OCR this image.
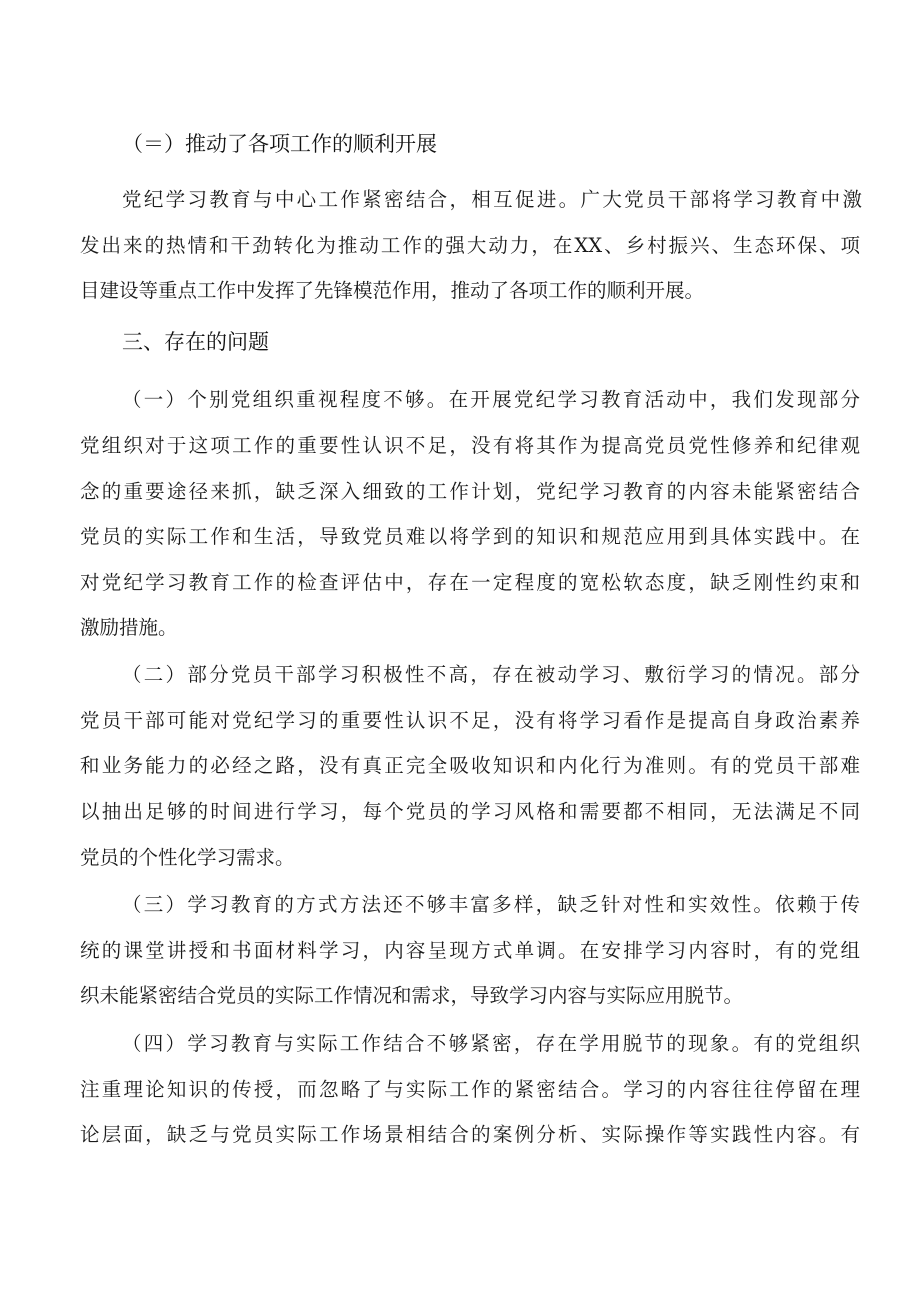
（＝）推动了各项工作的顺利开展
党纪学习教育与中心工作紧密结合，相互促进。广大党员干部将学习教育中激
发出来的热情和干劲转化为推动工作的强大动力，在XX、乡村振兴、生态环保、项
目建设等重点工作中发挥了先锋模范作用，推动了各项工作的顺利开展。
三、存在的问题
（一）个别党组织重视程度不够。在开展党纪学习教育活动中，我们发现部分
党组织对于这项工作的重要性认识不足，没有将其作为提高党员党性修养和纪律观
念的重要途径来抓，缺乏深入细致的工作计划，党纪学习教育的内容未能紧密结合
党员的实际工作和生活，导致党员难以将学到的知识和规范应用到具体实践中。在
对党纪学习教育工作的检查评估中，存在一定程度的宽松软态度，缺乏刚性约束和
激励措施。
（二）部分党员干部学习积极性不高，存在被动学习、敷衍学习的情况。部分
党员干部可能对党纪学习的重要性认识不足，没有将学习看作是提高自身政治素养
和业务能力的必经之路，没有真正完全吸收知识和内化行为准则。有的党员干部难
以抽出足够的时间进行学习，每个党员的学习风格和需要都不相同，无法满足不同
党员的个性化学习需求。
（三）学习教育的方式方法还不够丰富多样，缺乏针对性和实效性。依赖于传
统的课堂讲授和书面材料学习，内容呈现方式单调。在安排学习内容时，有的党组
织未能紧密结合党员的实际工作情况和需求，导致学习内容与实际应用脱节。
（四）学习教育与实际工作结合不够紧密，存在学用脱节的现象。有的党组织
注重理论知识的传授，而忽略了与实际工作的紧密结合。学习的内容往往停留在理
论层面，缺乏与党员实际工作场景相结合的案例分析、实际操作等实践性内容。有
